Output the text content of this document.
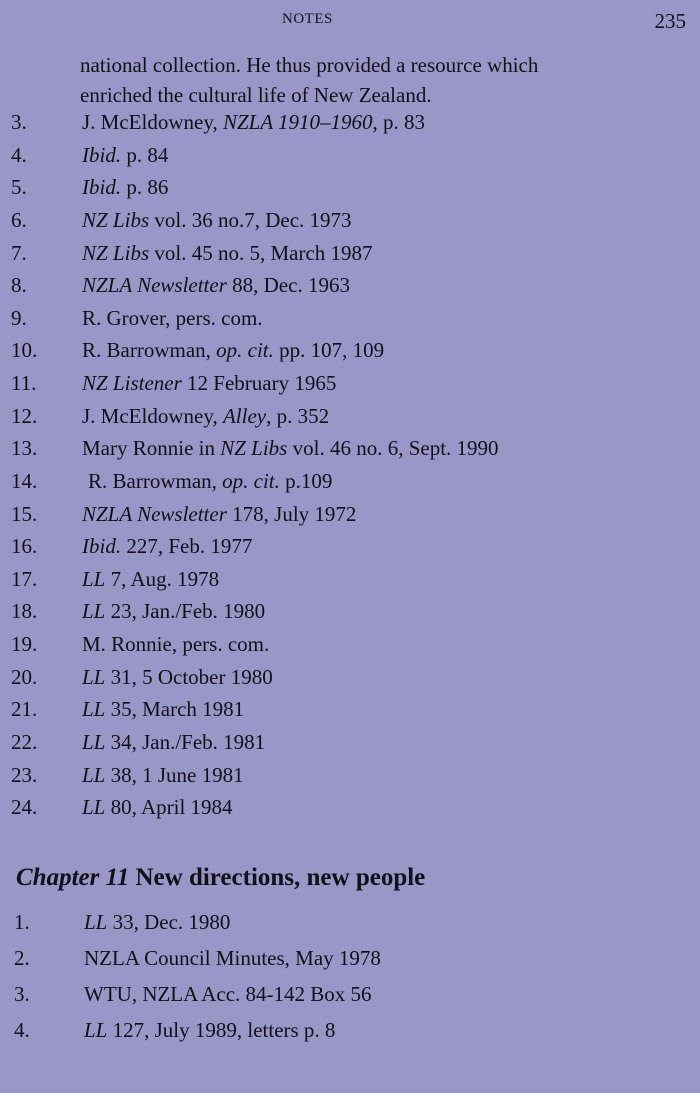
NOTES	235
national collection. He thus provided a resource which
enriched the cultural life of New Zealand.
3.	J. McEldowney, NZLA 1910–1960, p. 83
4.	Ibid. p. 84
5.	Ibid. p. 86
6.	NZ Libs vol. 36 no.7, Dec. 1973
7.	NZ Libs vol. 45 no. 5, March 1987
8.	NZLA Newsletter 88, Dec. 1963
9.	R. Grover, pers. com.
10. R. Barrowman, op. cit. pp. 107, 109
11. NZ Listener 12 February 1965
12. J. McEldowney, Alley, p. 352
13. Mary Ronnie in NZ Libs vol. 46 no. 6, Sept. 1990
14. R. Barrowman, op. cit. p.109
15. NZLA Newsletter 178, July 1972
16. Ibid. 227, Feb. 1977
17. LL 7, Aug. 1978
18. LL 23, Jan./Feb. 1980
19. M. Ronnie, pers. com.
20. LL 31, 5 October 1980
21. LL 35, March 1981
22. LL 34, Jan./Feb. 1981
23. LL 38, 1 June 1981
24. LL 80, April 1984
Chapter 11 New directions, new people
1.	LL 33, Dec. 1980
2.	NZLA Council Minutes, May 1978
3.	WTU, NZLA Acc. 84-142 Box 56
4.	LL 127, July 1989, letters p. 8
